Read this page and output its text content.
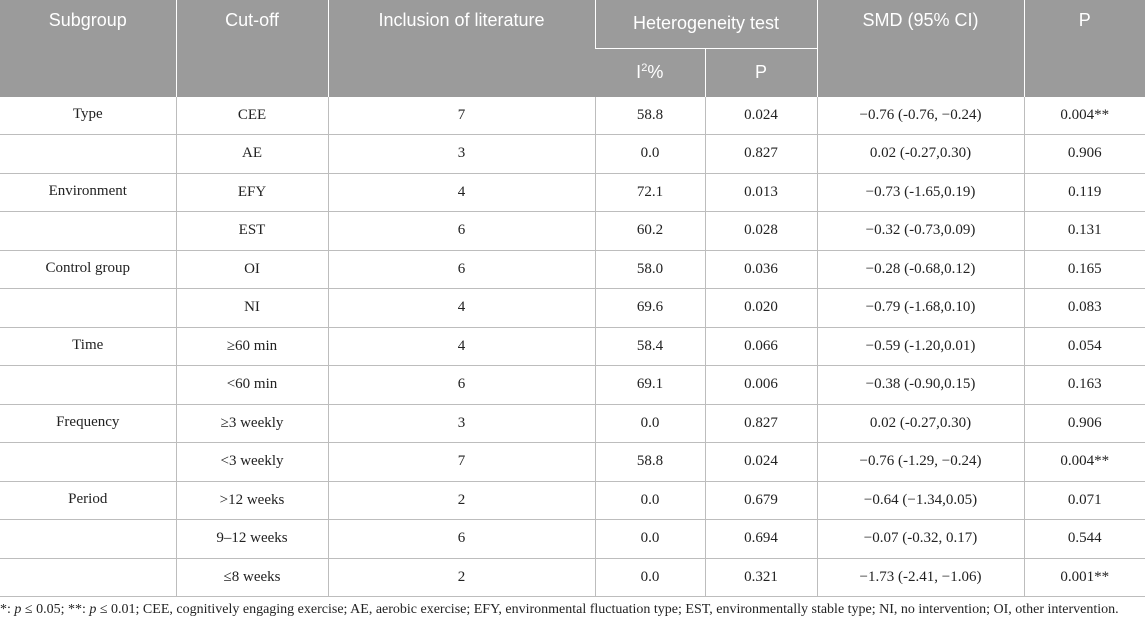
Subgroup	Cut-off	Inclusion of literature	Heterogeneity test		SMD (95% CI)	P
			$I^2\%$	P		
Type	CEE	7	58.8	0.024	−0.76 (-0.76, −0.24)	0.004**
	AE	3	0.0	0.827	0.02 (-0.27,0.30)	0.906
Environment	EFY	4	72.1	0.013	−0.73 (-1.65,0.19)	0.119
	EST	6	60.2	0.028	−0.32 (-0.73,0.09)	0.131
Control group	OI	6	58.0	0.036	−0.28 (-0.68,0.12)	0.165
	NI	4	69.6	0.020	−0.79 (-1.68,0.10)	0.083
Time	≥60 min	4	58.4	0.066	−0.59 (-1.20,0.01)	0.054
	<60 min	6	69.1	0.006	−0.38 (-0.90,0.15)	0.163
Frequency	≥3 weekly	3	0.0	0.827	0.02 (-0.27,0.30)	0.906
	<3 weekly	7	58.8	0.024	−0.76 (-1.29, −0.24)	0.004**
Period	>12 weeks	2	0.0	0.679	−0.64 (−1.34,0.05)	0.071
	9–12 weeks	6	0.0	0.694	−0.07 (-0.32, 0.17)	0.544
	≤8 weeks	2	0.0	0.321	−1.73 (-2.41, −1.06)	0.001**
*: p ≤ 0.05; **: p ≤ 0.01; CEE, cognitively engaging exercise; AE, aerobic exercise; EFY, environmental fluctuation type; EST, environmentally stable type; NI, no intervention; OI, other intervention.
